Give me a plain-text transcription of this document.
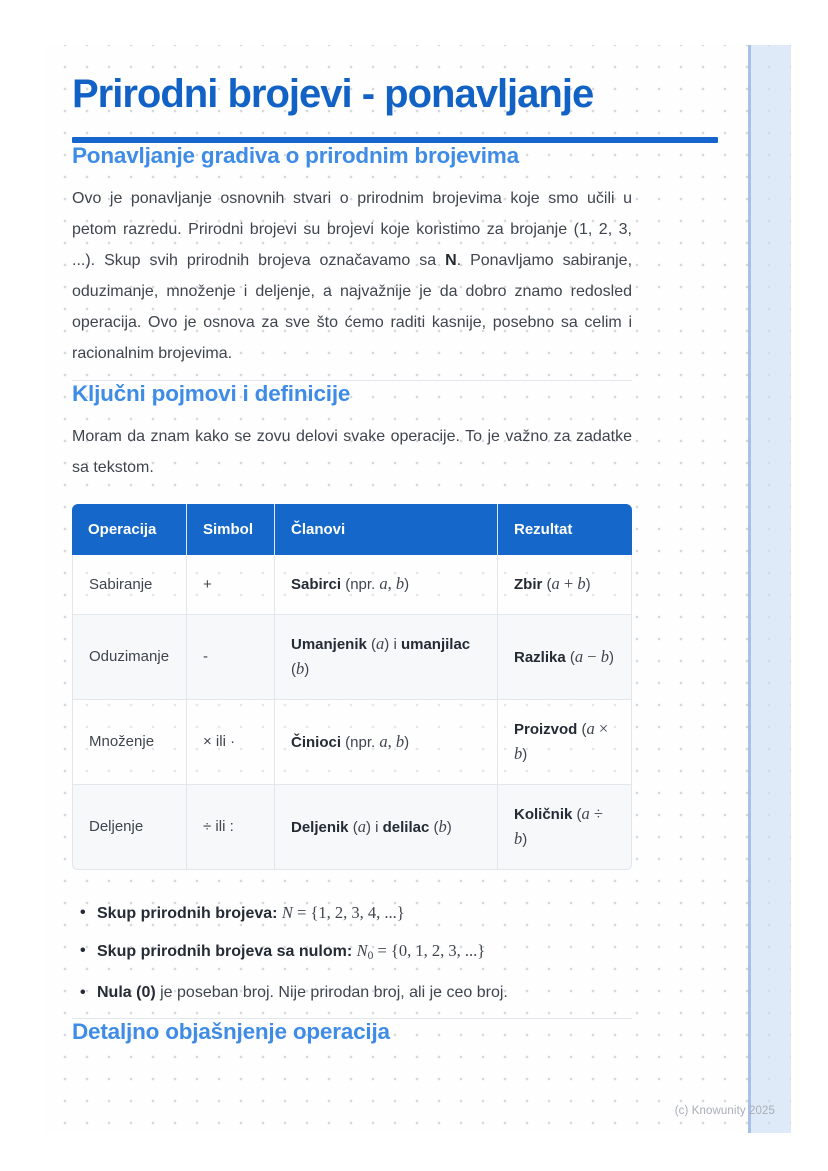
Prirodni brojevi - ponavljanje
Ponavljanje gradiva o prirodnim brojevima

Ovo je ponavljanje osnovnih stvari o prirodnim brojevima koje smo učili u petom razredu. Prirodni brojevi su brojevi koje koristimo za brojanje (1, 2, 3, ...). Skup svih prirodnih brojeva označavamo sa N. Ponavljamo sabiranje, oduzimanje, množenje i deljenje, a najvažnije je da dobro znamo redosled operacija. Ovo je osnova za sve što ćemo raditi kasnije, posebno sa celim i racionalnim brojevima.

Ključni pojmovi i definicije

Moram da znam kako se zovu delovi svake operacije. To je važno za zadatke sa tekstom.

Operacija	Simbol	Članovi	Rezultat
Sabiranje	+	Sabirci (npr. a, b)	Zbir (a + b)
Oduzimanje	-	Umanjenik (a) i umanjilac (b)	Razlika (a − b)
Množenje	× ili ·	Činioci (npr. a, b)	Proizvod (a × b)
Deljenje	÷ ili :	Deljenik (a) i delilac (b)	Količnik (a ÷ b)
• Skup prirodnih brojeva: N = {1, 2, 3, 4, ...}
• Skup prirodnih brojeva sa nulom: $N_0 = \{0$, 1, 2, 3, ...}
• Nula (0) je poseban broj. Nije prirodan broj, ali je ceo broj.
Detaljno objašnjenje operacija
(c) Knowunity 2025
